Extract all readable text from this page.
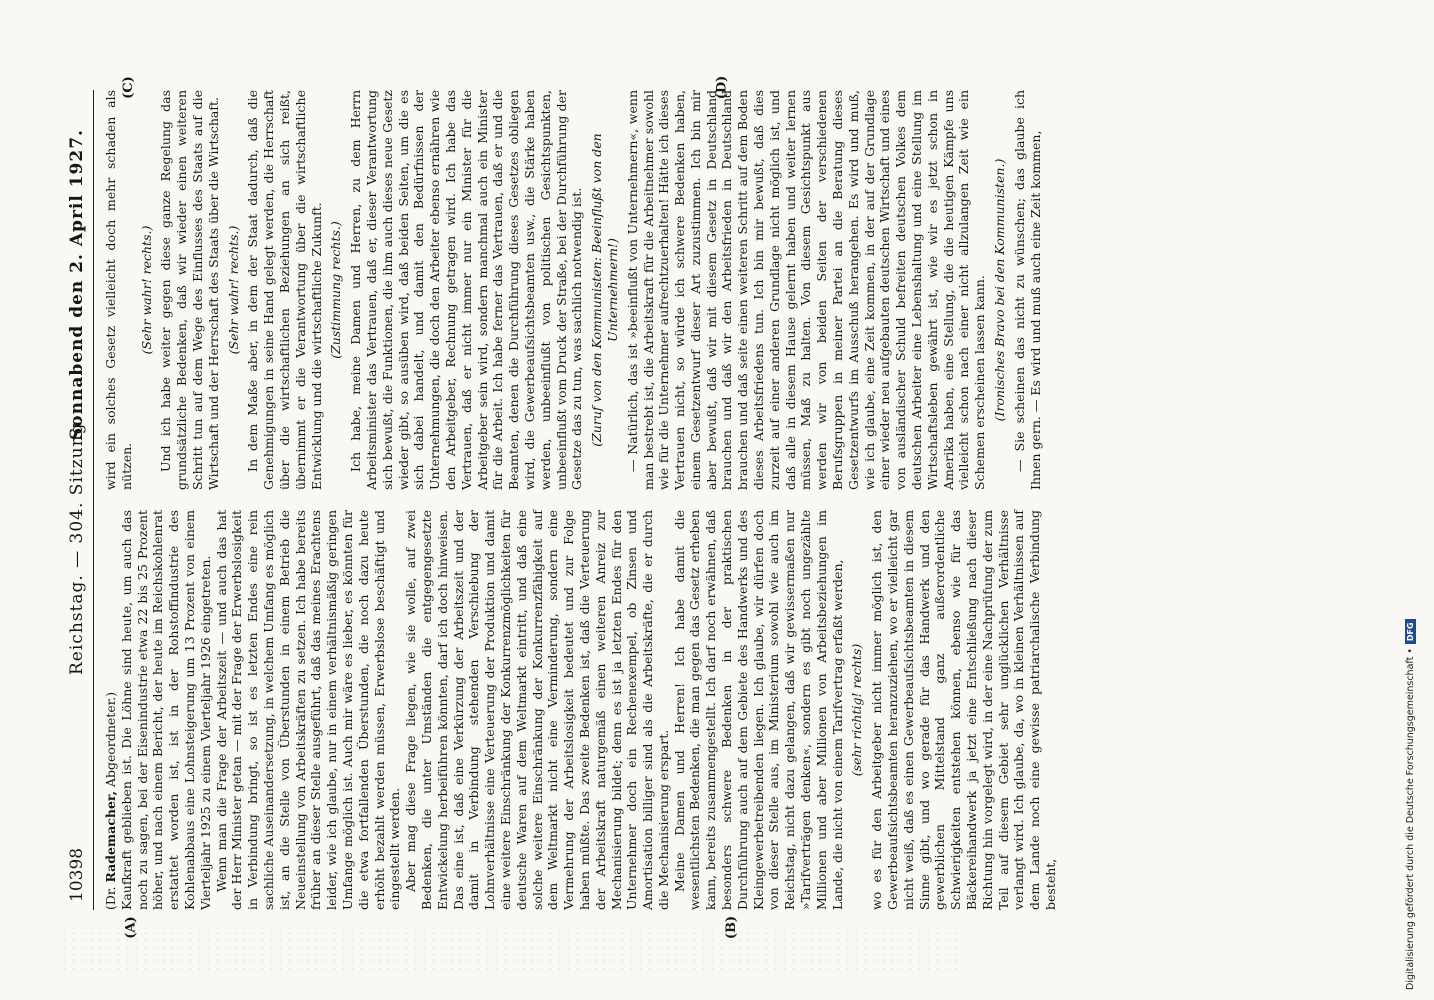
10398
Reichstag. — 304. Sitzung.
Sonnabend den 2. April 1927.

(Dr. Rademacher, Abgeordneter.) Kaufkraft geblieben ist. Die Löhne sind heute, um auch das noch zu sagen, bei der Eisenindustrie etwa 22 bis 25 Prozent höher, und nach einem Bericht, der heute im Reichskohlenrat erstattet worden ist, ist in der Rohstoffindustrie des Kohlenabbaus eine Lohnsteigerung um 13 Prozent von einem Vierteljahr 1925 zu einem Vierteljahr 1926 eingetreten. Wenn man die Frage der Arbeitszeit — und auch das hat der Herr Minister getan — mit der Frage der Erwerbslosigkeit in Verbindung bringt, so ist es letzten Endes eine rein sachliche Auseinandersetzung, in welchem Umfang es möglich ist, an die Stelle von Überstunden in einem Betrieb die Neueinstellung von Arbeitskräften zu setzen. Ich habe bereits früher an dieser Stelle ausgeführt, daß das meines Erachtens leider, wie ich glaube, nur in einem verhältnismäßig geringen Umfange möglich ist. Auch mir wäre es lieber, es könnten für die etwa fortfallenden Überstunden, die noch dazu heute erhöht bezahlt werden müssen, Erwerbslose beschäftigt und eingestellt werden. Aber mag diese Frage liegen, wie sie wolle, auf zwei Bedenken, die unter Umständen die entgegengesetzte Entwickelung herbeiführen könnten, darf ich doch hinweisen. Das eine ist, daß eine Verkürzung der Arbeitszeit und der damit in Verbindung stehenden Verschiebung der Lohnverhältnisse eine Verteuerung der Produktion und damit eine weitere Einschränkung der Konkurrenzmöglichkeiten für deutsche Waren auf dem Weltmarkt eintritt, und daß eine solche weitere Einschränkung der Konkurrenzfähigkeit auf dem Weltmarkt nicht eine Verminderung, sondern eine Vermehrung der Arbeitslosigkeit bedeutet und zur Folge haben müßte. Das zweite Bedenken ist, daß die Verteuerung der Arbeitskraft naturgemäß einen weiteren Anreiz zur Mechanisierung bildet; denn es ist ja letzten Endes für den Unternehmer doch ein Rechenexempel, ob Zinsen und Amortisation billiger sind als die Arbeitskräfte, die er durch die Mechanisierung erspart. Meine Damen und Herren! Ich habe damit die wesentlichsten Bedenken, die man gegen das Gesetz erheben kann, bereits zusammengestellt. Ich darf noch erwähnen, daß besonders schwere Bedenken in der praktischen Durchführung auch auf dem Gebiete des Handwerks und des Kleingewerbetreibenden liegen. Ich glaube, wir dürfen doch von dieser Stelle aus, im Ministerium sowohl wie auch im Reichstag, nicht dazu gelangen, daß wir gewissermaßen nur »Tarifverträgen denken«, sondern es gibt noch ungezählte Millionen und aber Millionen von Arbeitsbeziehungen im Lande, die nicht von einem Tarifvertrag erfaßt werden, (sehr richtig! rechts) wo es für den Arbeitgeber nicht immer möglich ist, den Gewerbeaufsichtsbeamten heranzuziehen, wo er vielleicht gar nicht weiß, daß es einen Gewerbeaufsichtsbeamten in diesem Sinne gibt, und wo gerade für das Handwerk und den gewerblichen Mittelstand ganz außerordentliche Schwierigkeiten entstehen können, ebenso wie für das Bäckereihandwerk ja jetzt eine Entschließung nach dieser Richtung hin vorgelegt wird, in der eine Nachprüfung der zum Teil auf diesem Gebiet sehr unglücklichen Verhältnisse verlangt wird. Ich glaube, da, wo in kleinen Verhältnissen auf dem Lande noch eine gewisse patriarchalische Verbindung besteht,

wird ein solches Gesetz vielleicht doch mehr schaden als nützen.

(Sehr wahr! rechts.) Und ich habe weiter gegen diese ganze Regelung das grundsätzliche Bedenken, daß wir wieder einen weiteren Schritt tun auf dem Wege des Einflusses des Staats auf die Wirtschaft und der Herrschaft des Staats über die Wirtschaft. (Sehr wahr! rechts.) In dem Maße aber, in dem der Staat dadurch, daß die Genehmigungen in seine Hand gelegt werden, die Herrschaft über die wirtschaftlichen Beziehungen an sich reißt, übernimmt er die Verantwortung über die wirtschaftliche Entwicklung und die wirtschaftliche Zukunft. (Zustimmung rechts.) Ich habe, meine Damen und Herren, zu dem Herrn Arbeitsminister das Vertrauen, daß er, dieser Verantwortung sich bewußt, die Funktionen, die ihm auch dieses neue Gesetz wieder gibt, so ausüben wird, daß beiden Seiten, um die es sich dabei handelt, und damit den Bedürfnissen der Unternehmungen, die doch den Arbeiter ebenso ernähren wie den Arbeitgeber, Rechnung getragen wird. Ich habe das Vertrauen, daß er nicht immer nur ein Minister für die Arbeitgeber sein wird, sondern manchmal auch ein Minister für die Arbeit. Ich habe ferner das Vertrauen, daß er und die Beamten, denen die Durchführung dieses Gesetzes obliegen wird, die Gewerbeaufsichtsbeamten usw., die Stärke haben werden, unbeeinflußt von politischen Gesichtspunkten, unbeeinflußt vom Druck der Straße, bei der Durchführung der Gesetze das zu tun, was sachlich notwendig ist. (Zuruf von den Kommunisten: Beeinflußt von den Unternehmern!) — Natürlich, das ist »beeinflußt von Unternehmern«, wenn man bestrebt ist, die Arbeitskraft für die Arbeitnehmer sowohl wie für die Unternehmer aufrechtzuerhalten! Hätte ich dieses Vertrauen nicht, so würde ich schwere Bedenken haben, einem Gesetzentwurf dieser Art zuzustimmen. Ich bin mir aber bewußt, daß wir mit diesem Gesetz in Deutschland brauchen und daß wir den Arbeitsfrieden in Deutschland brauchen und daß seite einen weiteren Schritt auf dem Boden dieses Arbeitsfriedens tun. Ich bin mir bewußt, daß dies zurzeit auf einer anderen Grundlage nicht möglich ist, und daß alle in diesem Hause gelernt haben und weiter lernen müssen, Maß zu halten. Von diesem Gesichtspunkt aus werden wir von beiden Seiten der verschiedenen Berufsgruppen in meiner Partei an die Beratung dieses Gesetzentwurfs im Ausschuß herangehen. Es wird und muß, wie ich glaube, eine Zeit kommen, in der auf der Grundlage einer wieder neu aufgebauten deutschen Wirtschaft und eines von ausländischer Schuld befreiten deutschen Volkes dem deutschen Arbeiter eine Lebenshaltung und eine Stellung im Wirtschaftsleben gewährt ist, wie wir es jetzt schon in Amerika haben, eine Stellung, die die heutigen Kämpfe uns vielleicht schon nach einer nicht allzulangen Zeit wie ein Schemen erscheinen lassen kann. (Ironisches Bravo bei den Kommunisten.) — Sie scheinen das nicht zu wünschen; das glaube ich Ihnen gern. — Es wird und muß auch eine Zeit kommen,

(A)	(B)
(C)	(D)
Digitalisierung gefördert durch die Deutsche Forschungsgemeinschaft •DFG
